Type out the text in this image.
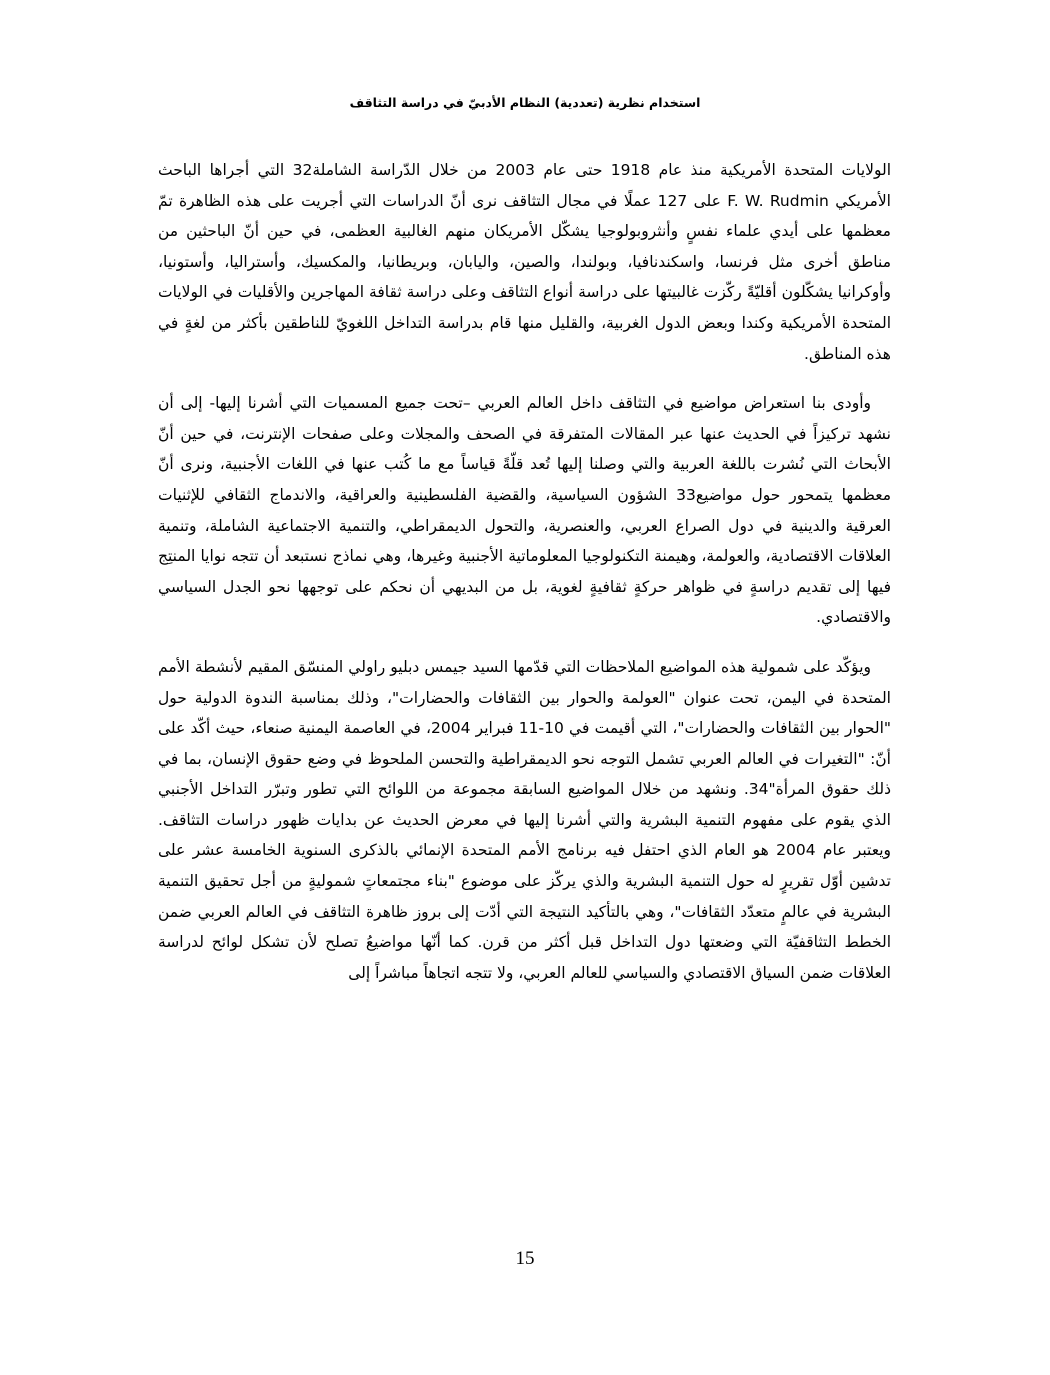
استخدام نظرية (تعددية) النظام الأدبيّ في دراسة التثاقف

الولايات المتحدة الأمريكية منذ عام 1918 حتى عام 2003 من خلال الدّراسة الشاملة32 التي أجراها الباحث الأمريكي F. W. Rudmin على 127 عملًا في مجال التثاقف نرى أنّ الدراسات التي أجريت على هذه الظاهرة تمّ معظمها على أيدي علماء نفسٍ وأنثروبولوجيا يشكّل الأمريكان منهم الغالبية العظمى، في حين أنّ الباحثين من مناطق أخرى مثل فرنسا، واسكندنافيا، وبولندا، والصين، واليابان، وبريطانيا، والمكسيك، وأستراليا، وأستونيا، وأوكرانيا يشكّلون أقليّةً ركّزت غالبيتها على دراسة أنواع التثاقف وعلى دراسة ثقافة المهاجرين والأقليات في الولايات المتحدة الأمريكية وكندا وبعض الدول الغربية، والقليل منها قام بدراسة التداخل اللغويّ للناطقين بأكثر من لغةٍ في هذه المناطق.

وأودى بنا استعراض مواضيع في التثاقف داخل العالم العربي –تحت جميع المسميات التي أشرنا إليها- إلى أن نشهد تركيزاً في الحديث عنها عبر المقالات المتفرقة في الصحف والمجلات وعلى صفحات الإنترنت، في حين أنّ الأبحاث التي نُشرت باللغة العربية والتي وصلنا إليها تُعد قلّةً قياساً مع ما كُتب عنها في اللغات الأجنبية، ونرى أنّ معظمها يتمحور حول مواضيع33 الشؤون السياسية، والقضية الفلسطينية والعراقية، والاندماج الثقافي للإثنيات العرقية والدينية في دول الصراع العربي، والعنصرية، والتحول الديمقراطي، والتنمية الاجتماعية الشاملة، وتنمية العلاقات الاقتصادية، والعولمة، وهيمنة التكنولوجيا المعلوماتية الأجنبية وغيرها، وهي نماذج نستبعد أن تتجه نوايا المنتِج فيها إلى تقديم دراسةٍ في ظواهر حركةٍ ثقافيةٍ لغوية، بل من البديهي أن نحكم على توجهها نحو الجدل السياسي والاقتصادي.

ويؤكّد على شمولية هذه المواضيع الملاحظات التي قدّمها السيد جيمس دبليو راولي المنسّق المقيم لأنشطة الأمم المتحدة في اليمن، تحت عنوان "العولمة والحوار بين الثقافات والحضارات"، وذلك بمناسبة الندوة الدولية حول "الحوار بين الثقافات والحضارات"، التي أقيمت في 10-11 فبراير 2004، في العاصمة اليمنية صنعاء، حيث أكّد على أنّ: "التغيرات في العالم العربي تشمل التوجه نحو الديمقراطية والتحسن الملحوظ في وضع حقوق الإنسان، بما في ذلك حقوق المرأة"34. ونشهد من خلال المواضيع السابقة مجموعة من اللوائح التي تطور وتبرّر التداخل الأجنبي الذي يقوم على مفهوم التنمية البشرية والتي أشرنا إليها في معرض الحديث عن بدايات ظهور دراسات التثاقف. ويعتبر عام 2004 هو العام الذي احتفل فيه برنامج الأمم المتحدة الإنمائي بالذكرى السنوية الخامسة عشر على تدشين أوّل تقريرٍ له حول التنمية البشرية والذي يركّز على موضوع "بناء مجتمعاتٍ شموليةٍ من أجل تحقيق التنمية البشرية في عالمٍ متعدّد الثقافات"، وهي بالتأكيد النتيجة التي أدّت إلى بروز ظاهرة التثاقف في العالم العربي ضمن الخطط التثاقفيّة التي وضعتها دول التداخل قبل أكثر من قرن. كما أنّها مواضيعُ تصلح لأن تشكل لوائح لدراسة العلاقات ضمن السياق الاقتصادي والسياسي للعالم العربي، ولا تتجه اتجاهاً مباشراً إلى

15
